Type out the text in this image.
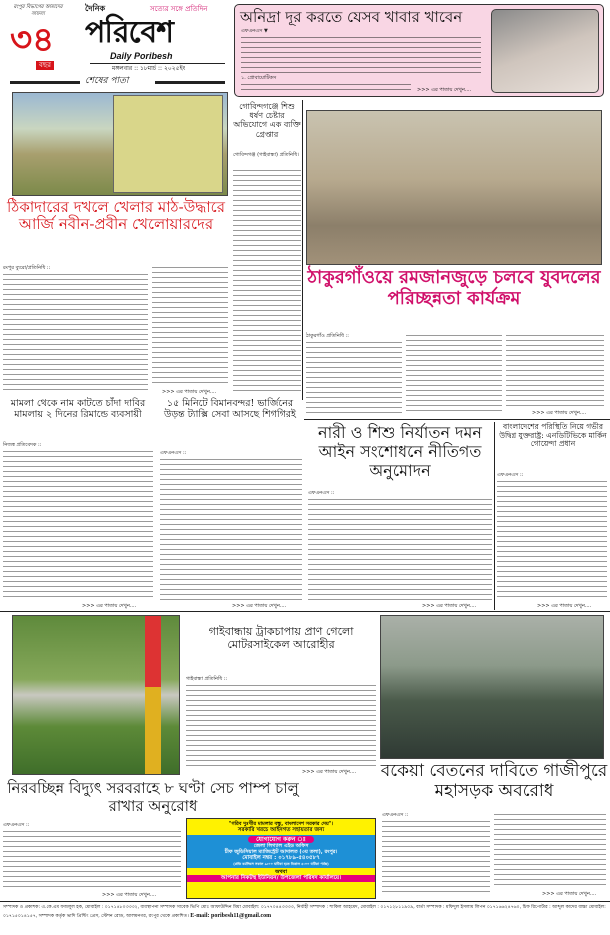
রংপুর বিভাগের আমাদের সাফল্য
৩৪
বছর
দৈনিক	সত্যের সঙ্গে প্রতিদিন
পরিবেশ
Daily Poribesh
মঙ্গলবার :: ১৮মার্চ :: ২০২৫ইং
শেষের পাতা
অনিদ্রা দূর করতে যেসব খাবার খাবেন
এফএনএস ▼
১. প্রোবায়োটিকস
>>> এর পাতায় দেখুন....
ঠিকাদারের দখলে খেলার মাঠ-উদ্ধারে আর্জি নবীন-প্রবীন খেলোয়ারদের
রংপুর ব্যুরো/প্রতিনিধি ::
>>> এর পাতায় দেখুন....
গোবিন্দগঞ্জে শিশু ধর্ষণ চেষ্টার অভিযোগে এক ব্যক্তি গ্রেপ্তার
গোবিন্দগঞ্জ (গাইবান্ধা) প্রতিনিধি।
ঠাকুরগাঁওয়ে রমজানজুড়ে চলবে যুবদলের পরিচ্ছন্নতা কার্যক্রম
ঠাকুরগাঁও প্রতিনিধি ::
>>> এর পাতায় দেখুন....
মামলা থেকে নাম কাটতে চাঁদা দাবির মামলায় ২ দিনের রিমান্ডে ব্যবসায়ী
নিজস্ব প্রতিবেদক ::
>>> এর পাতায় দেখুন....
১৫ মিনিটে বিমানবন্দর! ভার্জিনের উড়ন্ত ট্যাক্সি সেবা আসছে শিগগিরই
এফএনএস ::
>>> এর পাতায় দেখুন....
নারী ও শিশু নির্যাতন দমন আইন সংশোধনে নীতিগত অনুমোদন
এফএনএস ::
>>> এর পাতায় দেখুন....
বাংলাদেশের পরিস্থিতি নিয়ে গভীর উদ্বিগ্ন যুক্তরাষ্ট্র: এনডিটিভিকে মার্কিন গোয়েন্দা প্রধান
এফএনএস ::
>>> এর পাতায় দেখুন....
নিরবচ্ছিন্ন বিদ্যুৎ সরবরাহে ৮ ঘণ্টা সেচ পাম্প চালু রাখার অনুরোধ
এফএনএস ::
>>> এর পাতায় দেখুন....
গাইবান্ধায় ট্রাকচাপায় প্রাণ গেলো মোটরসাইকেল আরোহীর
গাইবান্ধা প্রতিনিধি ::
>>> এর পাতায় দেখুন.... বকেয়া বেতনের দাবিতে গাজীপুরে মহাসড়ক অবরোধ
এফএনএস ::
>>> এর পাতায় দেখুন....
"গরিব দুঃখীর মামলার বন্ধু, বাংলাদেশ সরকার দেয়"।
সরকারি খরচে আইনগত সহায়তার জন্য
যোগাযোগ করুন ঃ
জেলা লিগ্যাল এইড অফিস
চীফ জুডিসিয়াল ম্যাজিস্ট্রেট আদালত (৩য় তলা), রংপুর।
মোবাইল নম্বর : ০১৭৮৯-৫৪০৫৮৭
(প্রতি কর্মদিবস সকাল ৯:০০ ঘটিকা হতে বিকাল ৫:০০ ঘটিকা পর্যন্ত)
অথবা
আপনার নিকটস্থ ইউনিয়ন/ উপজেলা পরিষদ কার্যালয়ে।
সম্পাদক ও প্রকাশক: এ.কে.এম ফজলুল হক, মোবাইল : ০১৭১৪৮০৩৩৩২, ব্যবস্থাপনা সম্পাদক সাবেক ভিপি মোঃ আফাউদ্দিন মিয়া মোবাইল: ০১৭৭০৪৪৩৩৩৩, নির্বাহী সম্পাদক : শাকিল আহমেদ, মোবাইল : ০১৭১২৮১১৯০৯, বার্তা সম্পাদক : মফিদুল ইসলাম লিপন ০১৭১৬৬২৪৭৬০, চিফ রিপোর্টার : আব্দুল কাদের বাচ্চা মোবাইল: ০১৭১৫০১৪১৫৭, সম্পাদক কর্তৃক ভাদি প্রিন্টিং প্রেস, স্টেশন রোড, আলমনগর, রংপুর থেকে প্রকাশিত। E-mail: poribesh11@gmail.com
